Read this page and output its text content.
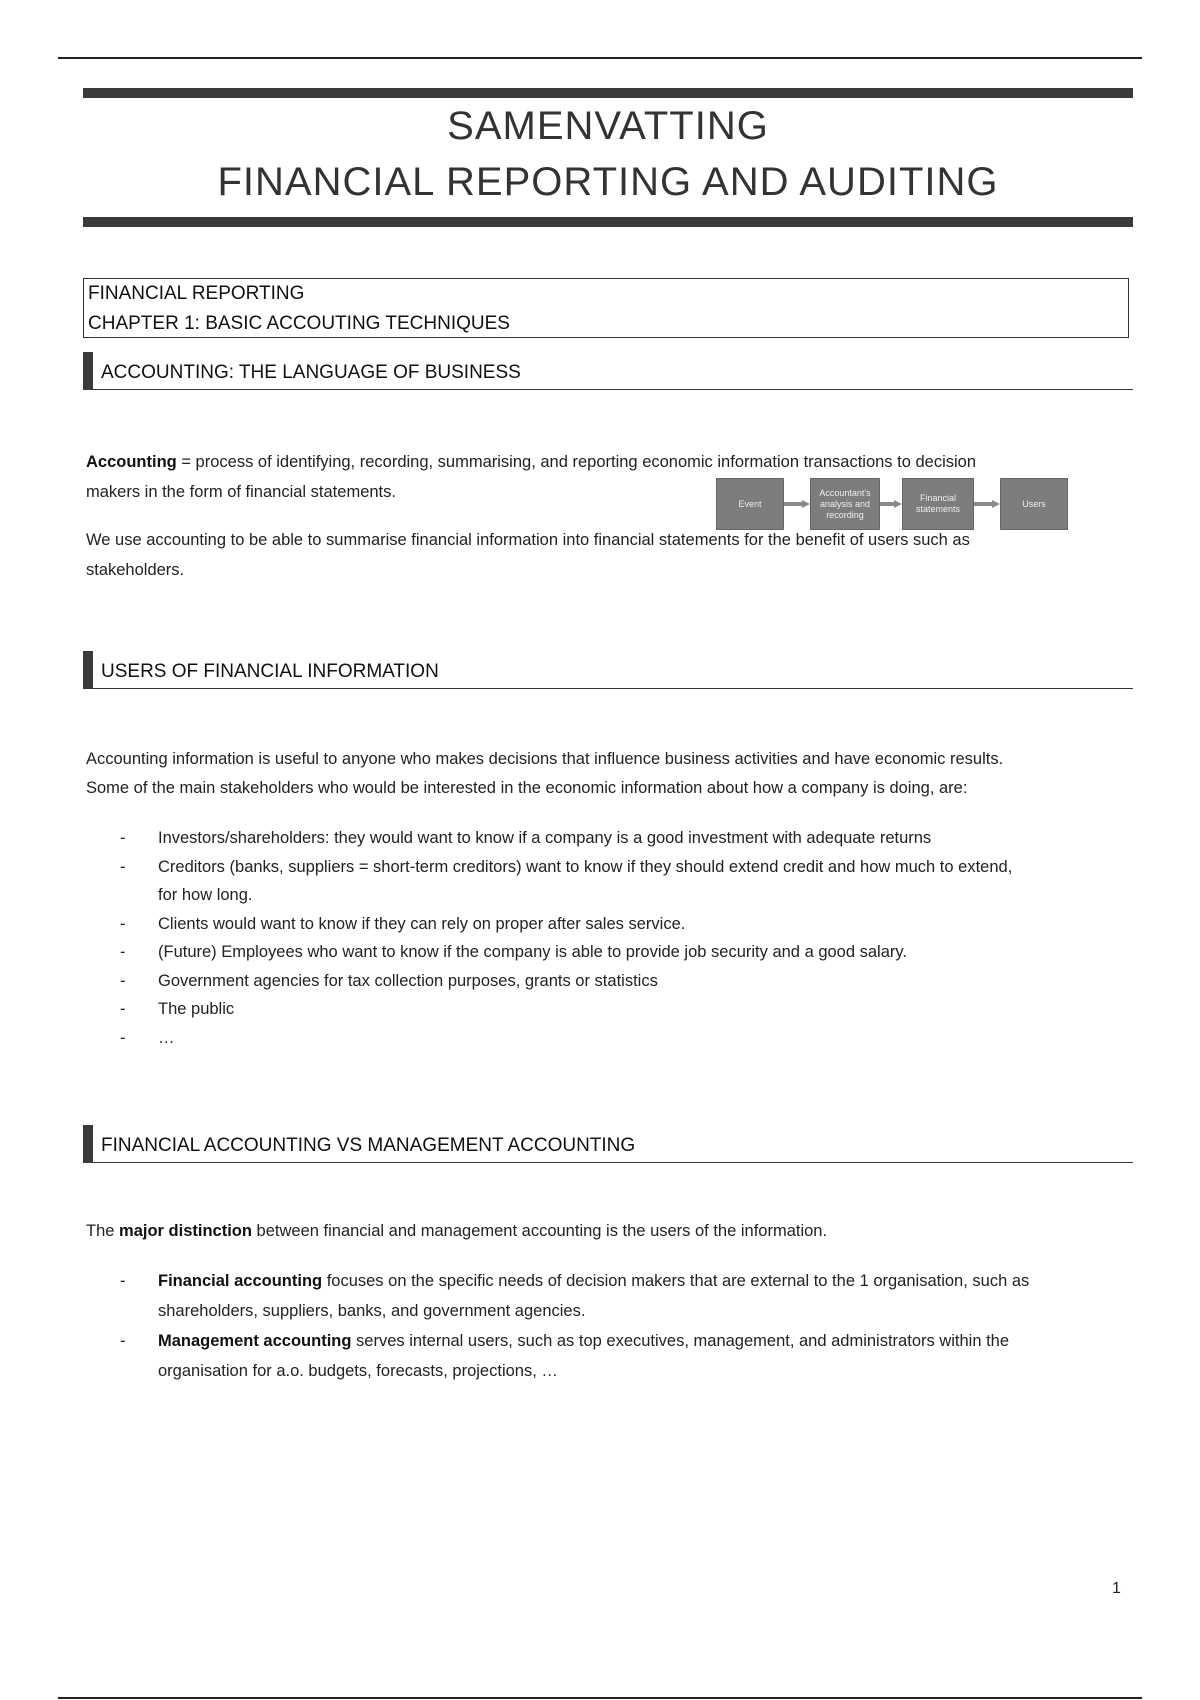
SAMENVATTING
FINANCIAL REPORTING AND AUDITING
FINANCIAL REPORTING
CHAPTER 1: BASIC ACCOUTING TECHNIQUES
ACCOUNTING: THE LANGUAGE OF BUSINESS
Accounting = process of identifying, recording, summarising, and reporting economic information transactions to decision
makers in the form of financial statements.
Event
Accountant's analysis and recording
Financial statements
Users
We use accounting to be able to summarise financial information into financial statements for the benefit of users such as
stakeholders.
USERS OF FINANCIAL INFORMATION
Accounting information is useful to anyone who makes decisions that influence business activities and have economic results.
Some of the main stakeholders who would be interested in the economic information about how a company is doing, are:
- Investors/shareholders: they would want to know if a company is a good investment with adequate returns
- Creditors (banks, suppliers = short-term creditors) want to know if they should extend credit and how much to extend,
for how long.
- Clients would want to know if they can rely on proper after sales service.
- (Future) Employees who want to know if the company is able to provide job security and a good salary.
- Government agencies for tax collection purposes, grants or statistics
- The public
- …
FINANCIAL ACCOUNTING VS MANAGEMENT ACCOUNTING
The major distinction between financial and management accounting is the users of the information.
- Financial accounting focuses on the specific needs of decision makers that are external to the 1 organisation, such as
shareholders, suppliers, banks, and government agencies.
- Management accounting serves internal users, such as top executives, management, and administrators within the
organisation for a.o. budgets, forecasts, projections, …
1
